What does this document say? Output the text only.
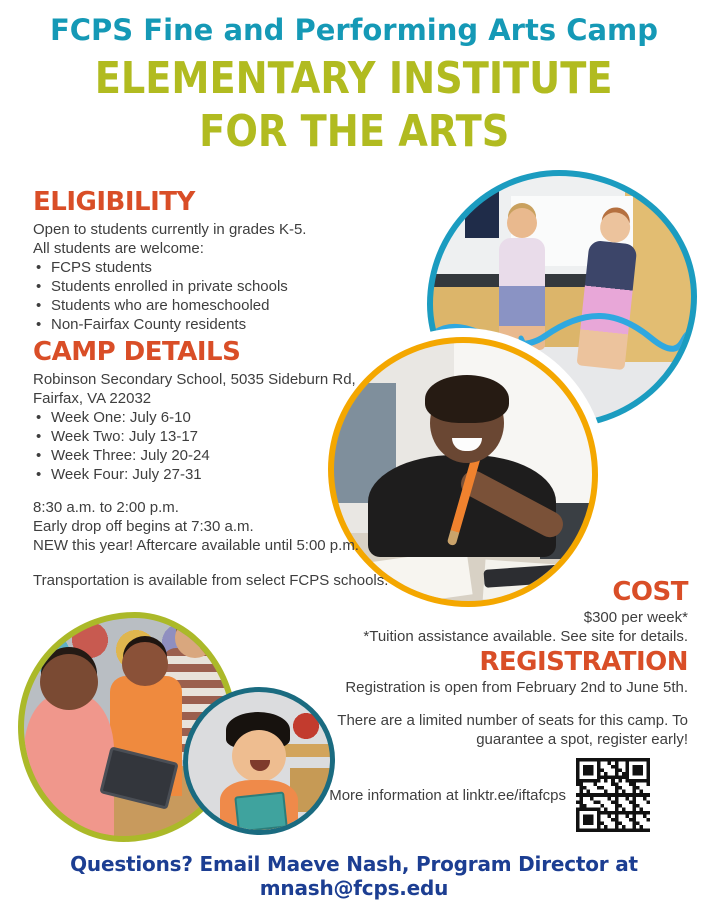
FCPS Fine and Performing Arts Camp
ELEMENTARY INSTITUTE
FOR THE ARTS
ELIGIBILITY

Open to students currently in grades K-5.

All students are welcome:

• FCPS students
• Students enrolled in private schools
• Students who are homeschooled
• Non-Fairfax County residents
CAMP DETAILS

Robinson Secondary School, 5035 Sideburn Rd,

Fairfax, VA 22032

• Week One: July 6-10
• Week Two: July 13-17
• Week Three: July 20-24
• Week Four: July 27-31

8:30 a.m. to 2:00 p.m.

Early drop off begins at 7:30 a.m.

NEW this year! Aftercare available until 5:00 p.m.

Transportation is available from select FCPS schools.	COST

$300 per week*

*Tuition assistance available. See site for details.

REGISTRATION

Registration is open from February 2nd to June 5th.

There are a limited number of seats for this camp. To guarantee a spot, register early!

More information at linktr.ee/iftafcps
Questions? Email Maeve Nash, Program Director at mnash@fcps.edu
